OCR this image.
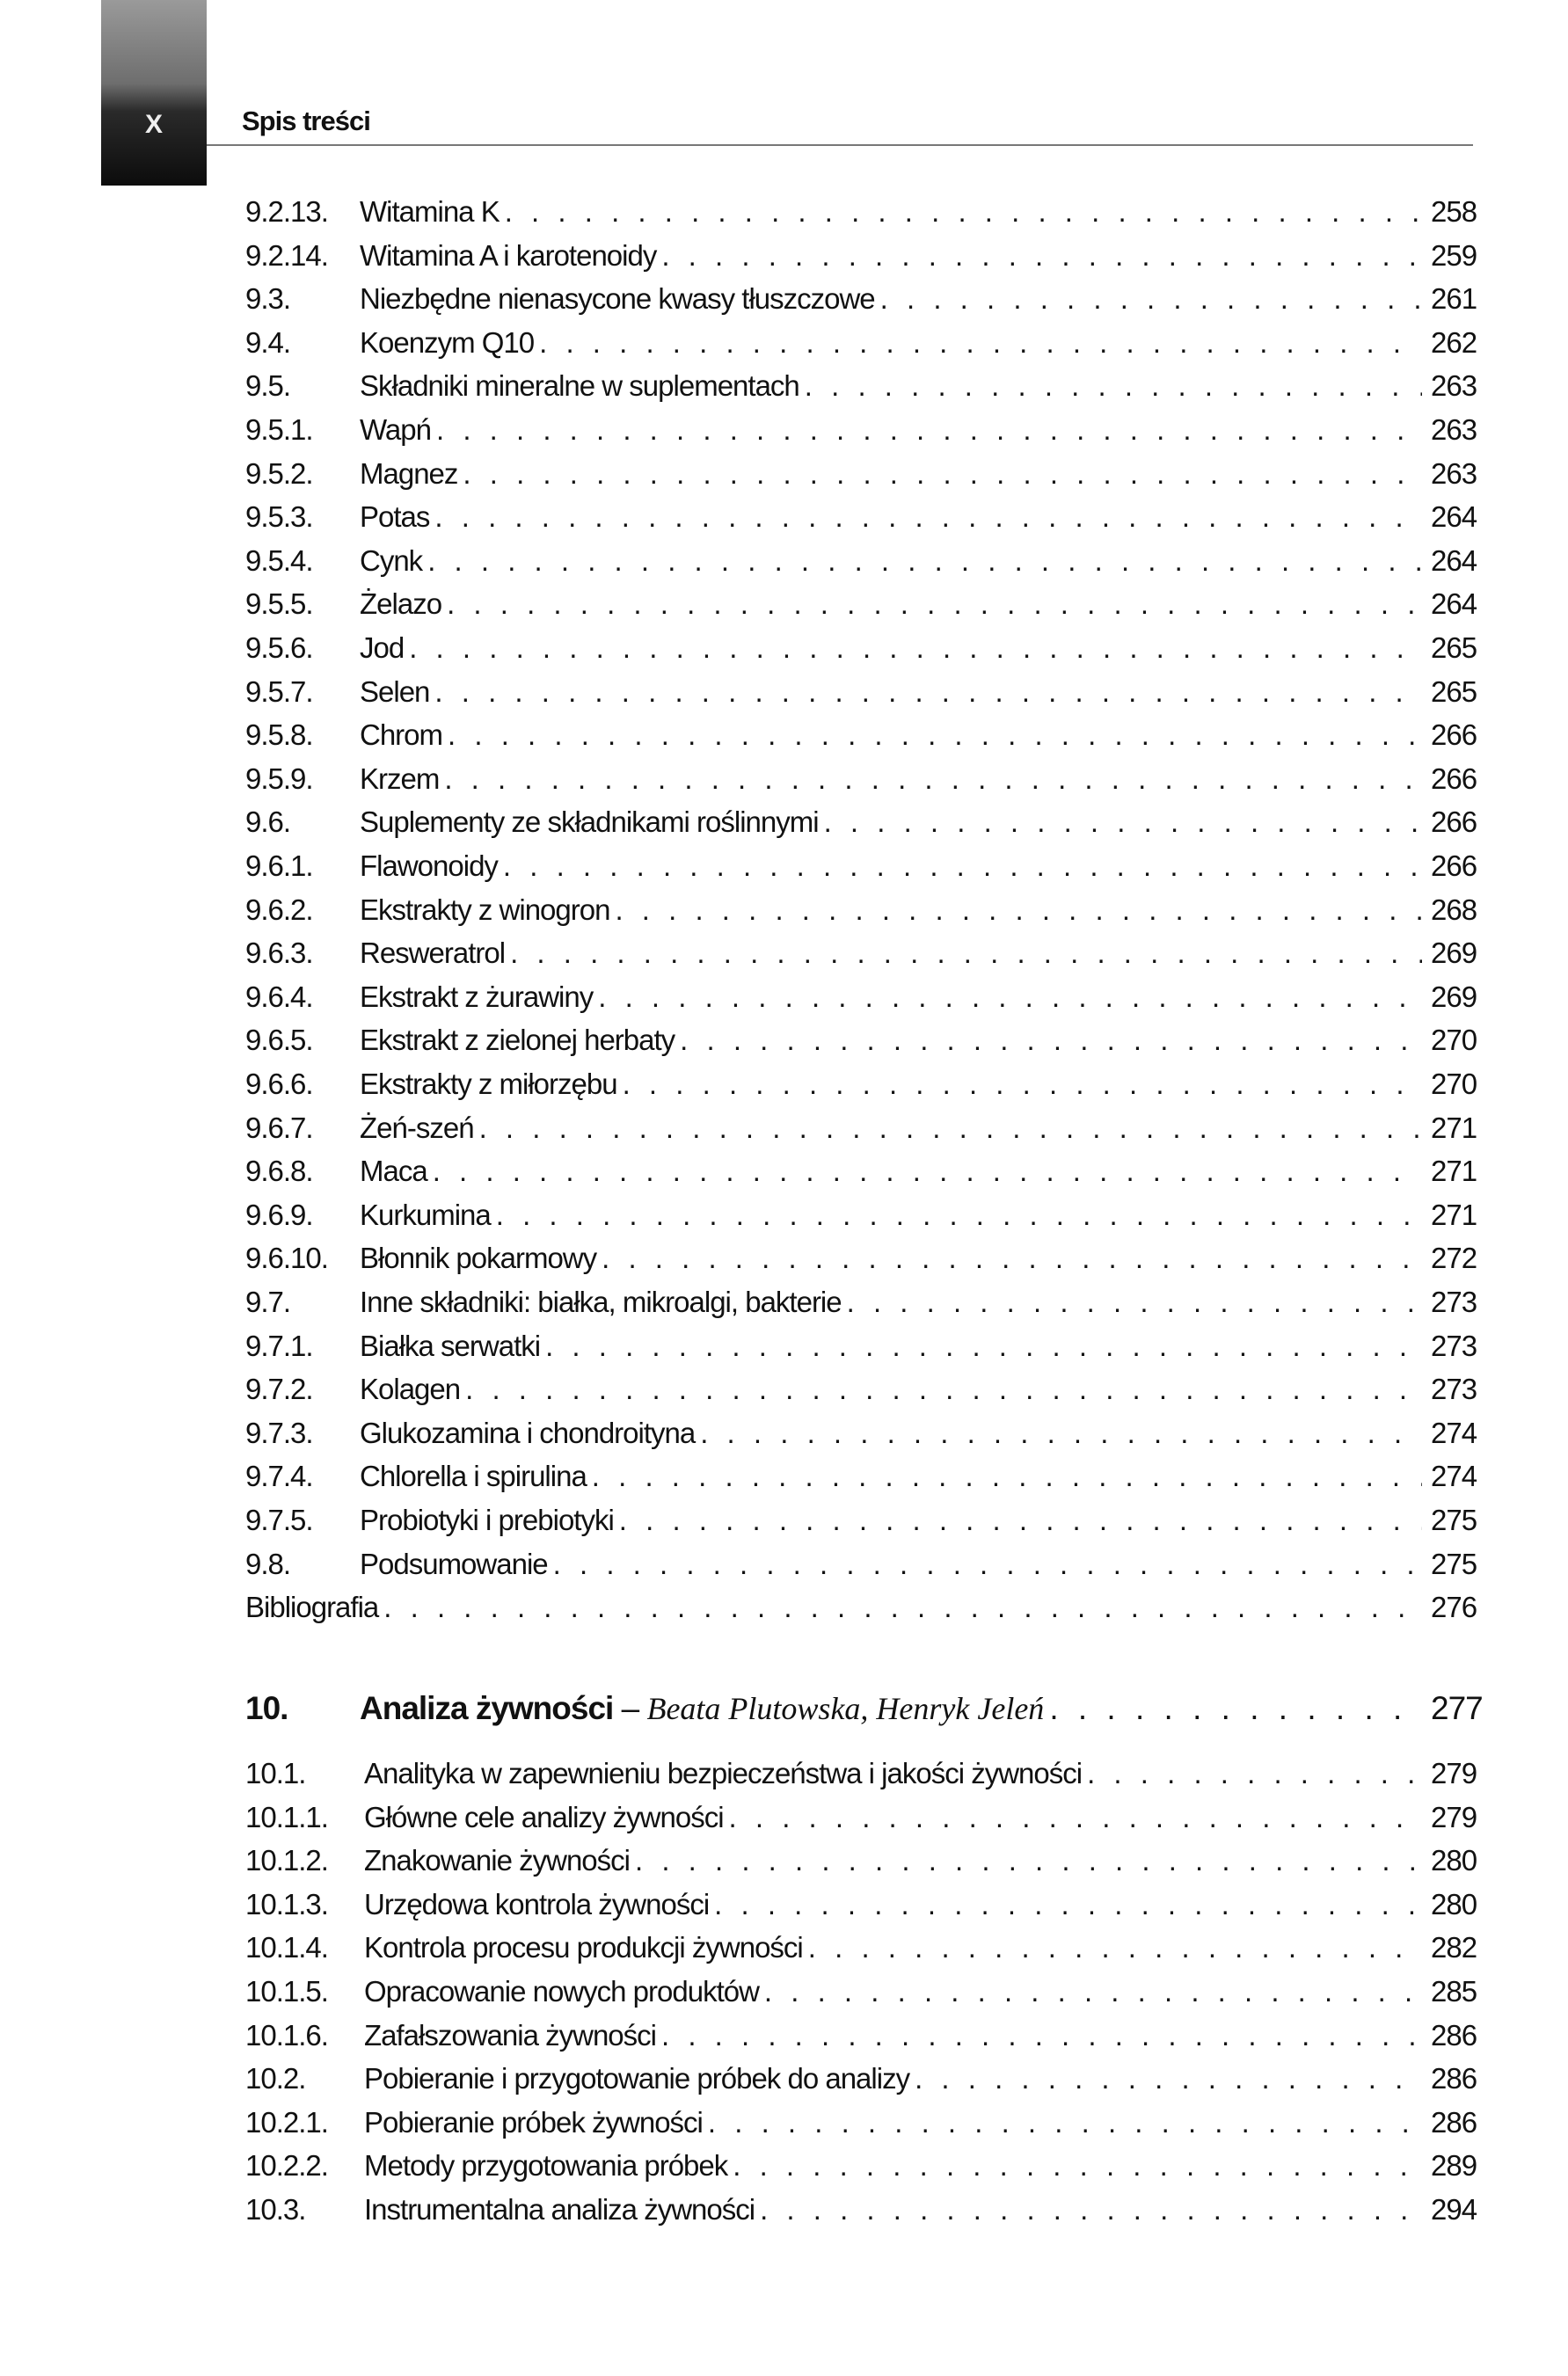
X	Spis treści
Bibliografia . . .	276
10.	Analiza żywności – Beata Plutowska, Henryk Jeleń . . .	277
9.2.13.	Witamina K . . .	258
9.2.14.	Witamina A i karotenoidy . . .	259
9.3.	Niezbędne nienasycone kwasy tłuszczowe . . .	261
9.4.	Koenzym Q10 . . .	262
9.5.	Składniki mineralne w suplementach . . .	263
9.5.1.	Wapń . . .	263
9.5.2.	Magnez . . .	263
9.5.3.	Potas . . .	264
9.5.4.	Cynk . . .	264
9.5.5.	Żelazo . . .	264
9.5.6.	Jod . . .	265
9.5.7.	Selen . . .	265
9.5.8.	Chrom . . .	266
9.5.9.	Krzem . . .	266
9.6.	Suplementy ze składnikami roślinnymi . . .	266
9.6.1.	Flawonoidy . . .	266
9.6.2.	Ekstrakty z winogron . . .	268
9.6.3.	Resweratrol . . .	269
9.6.4.	Ekstrakt z żurawiny . . .	269
9.6.5.	Ekstrakt z zielonej herbaty . . .	270
9.6.6.	Ekstrakty z miłorzębu . . .	270
9.6.7.	Żeń-szeń . . .	271
9.6.8.	Maca . . .	271
9.6.9.	Kurkumina . . .	271
9.6.10.	Błonnik pokarmowy . . .	272
9.7.	Inne składniki: białka, mikroalgi, bakterie . . .	273
9.7.1.	Białka serwatki . . .	273
9.7.2.	Kolagen . . .	273
9.7.3.	Glukozamina i chondroityna . . .	274
9.7.4.	Chlorella i spirulina . . .	274
9.7.5.	Probiotyki i prebiotyki . . .	275
9.8.	Podsumowanie . . .	275
10.1.	Analityka w zapewnieniu bezpieczeństwa i jakości żywności . . .	279
10.1.1.	Główne cele analizy żywności . . .	279
10.1.2.	Znakowanie żywności . . .	280
10.1.3.	Urzędowa kontrola żywności . . .	280
10.1.4.	Kontrola procesu produkcji żywności . . .	282
10.1.5.	Opracowanie nowych produktów . . .	285
10.1.6.	Zafałszowania żywności . . .	286
10.2.	Pobieranie i przygotowanie próbek do analizy . . .	286
10.2.1.	Pobieranie próbek żywności . . .	286
10.2.2.	Metody przygotowania próbek . . .	289
10.3.	Instrumentalna analiza żywności . . .	294
